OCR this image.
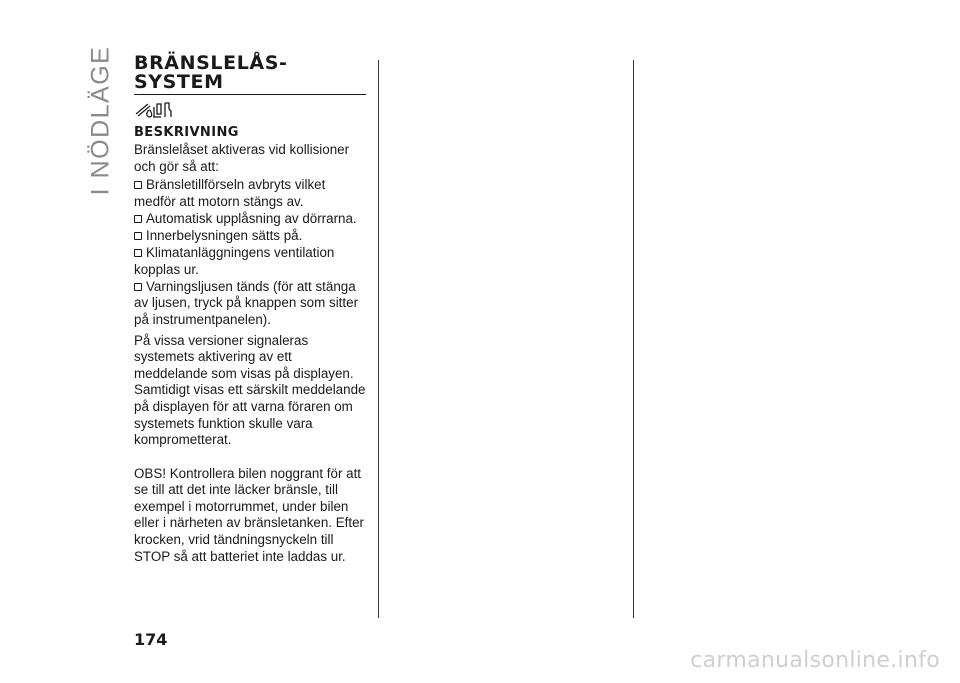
I NÖDLÄGE BRÄNSLELÅS-
SYSTEM
BESKRIVNING

Bränslelåset aktiveras vid kollisioner och gör så att:

Bränsletillförseln avbryts vilket medför att motorn stängs av.
Automatisk upplåsning av dörrarna.
Innerbelysningen sätts på.
Klimatanläggningens ventilation kopplas ur.
Varningsljusen tänds (för att stänga av ljusen, tryck på knappen som sitter på instrumentpanelen).

På vissa versioner signaleras systemets aktivering av ett meddelande som visas på displayen. Samtidigt visas ett särskilt meddelande på displayen för att varna föraren om systemets funktion skulle vara komprometterat.

OBS! Kontrollera bilen noggrant för att se till att det inte läcker bränsle, till exempel i motorrummet, under bilen eller i närheten av bränsletanken. Efter krocken, vrid tändningsnyckeln till STOP så att batteriet inte laddas ur.

174
carmanualsonline.info
